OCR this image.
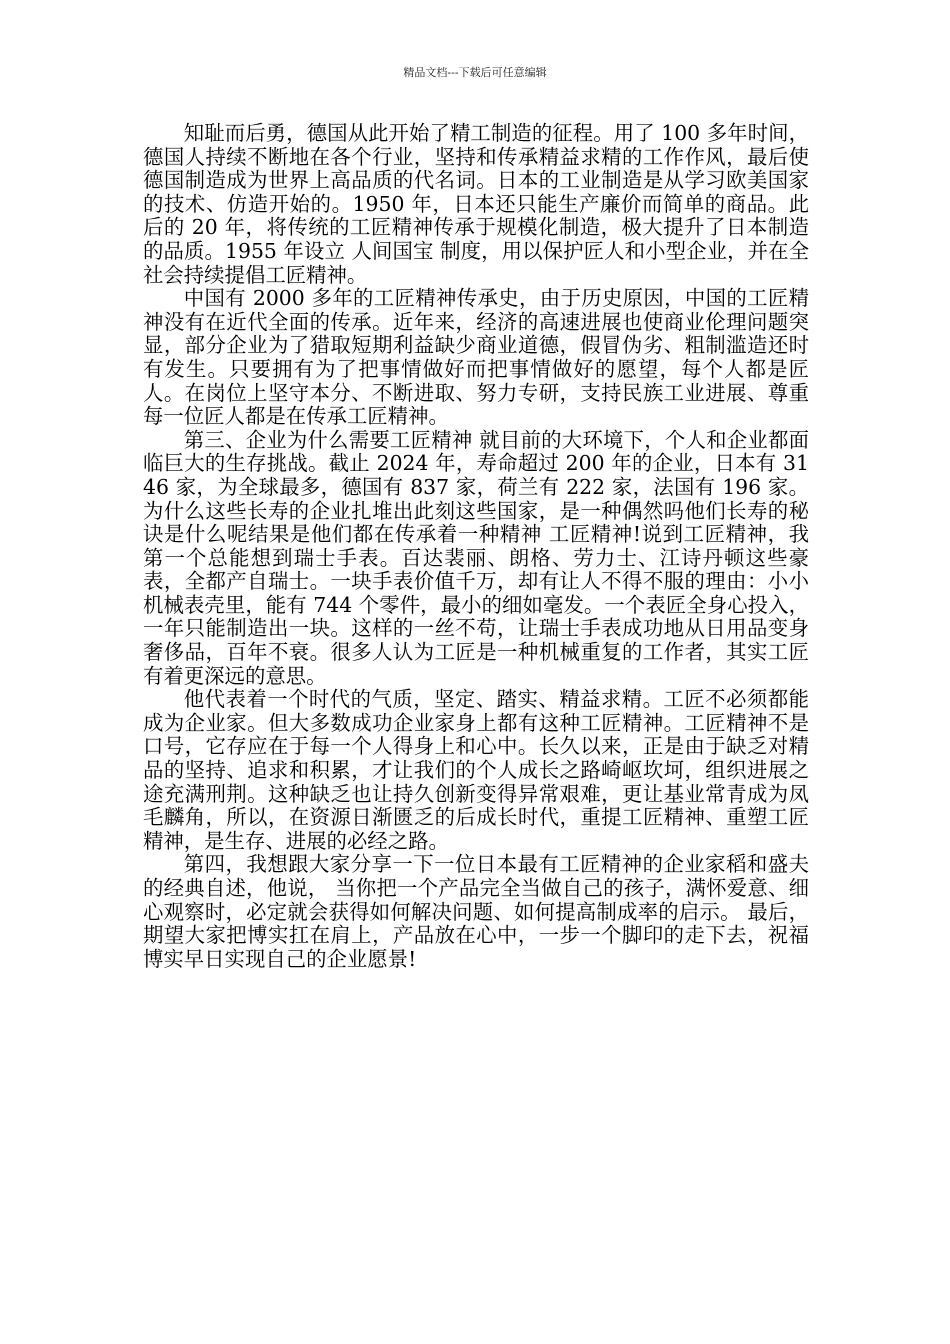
精品文档---下载后可任意编辑

知耻而后勇，德国从此开始了精工制造的征程。用了 100 多年时间，德国人持续不断地在各个行业，坚持和传承精益求精的工作作风，最后使德国制造成为世界上高品质的代名词。日本的工业制造是从学习欧美国家的技术、仿造开始的。1950 年，日本还只能生产廉价而简单的商品。此后的 20 年，将传统的工匠精神传承于规模化制造，极大提升了日本制造的品质。1955 年设立 人间国宝 制度，用以保护匠人和小型企业，并在全社会持续提倡工匠精神。

中国有 2000 多年的工匠精神传承史，由于历史原因，中国的工匠精神没有在近代全面的传承。近年来，经济的高速进展也使商业伦理问题突显，部分企业为了猎取短期利益缺少商业道德，假冒伪劣、粗制滥造还时有发生。只要拥有为了把事情做好而把事情做好的愿望，每个人都是匠人。在岗位上坚守本分、不断进取、努力专研，支持民族工业进展、尊重每一位匠人都是在传承工匠精神。

第三、企业为什么需要工匠精神 就目前的大环境下，个人和企业都面临巨大的生存挑战。截止 2024 年，寿命超过 200 年的企业，日本有 3146 家，为全球最多，德国有 837 家，荷兰有 222 家，法国有 196 家。为什么这些长寿的企业扎堆出此刻这些国家，是一种偶然吗他们长寿的秘诀是什么呢结果是他们都在传承着一种精神 工匠精神!说到工匠精神，我第一个总能想到瑞士手表。百达裴丽、朗格、劳力士、江诗丹顿这些豪表，全都产自瑞士。一块手表价值千万，却有让人不得不服的理由：小小机械表壳里，能有 744 个零件，最小的细如毫发。一个表匠全身心投入，一年只能制造出一块。这样的一丝不苟，让瑞士手表成功地从日用品变身奢侈品，百年不衰。很多人认为工匠是一种机械重复的工作者，其实工匠有着更深远的意思。

他代表着一个时代的气质，坚定、踏实、精益求精。工匠不必须都能成为企业家。但大多数成功企业家身上都有这种工匠精神。工匠精神不是口号，它存应在于每一个人得身上和心中。长久以来，正是由于缺乏对精品的坚持、追求和积累，才让我们的个人成长之路崎岖坎坷，组织进展之途充满刑荆。这种缺乏也让持久创新变得异常艰难，更让基业常青成为凤毛麟角，所以，在资源日渐匮乏的后成长时代，重提工匠精神、重塑工匠精神，是生存、进展的必经之路。

第四，我想跟大家分享一下一位日本最有工匠精神的企业家稻和盛夫的经典自述，他说， 当你把一个产品完全当做自己的孩子，满怀爱意、细心观察时，必定就会获得如何解决问题、如何提高制成率的启示。 最后，期望大家把博实扛在肩上，产品放在心中，一步一个脚印的走下去，祝福博实早日实现自己的企业愿景!
